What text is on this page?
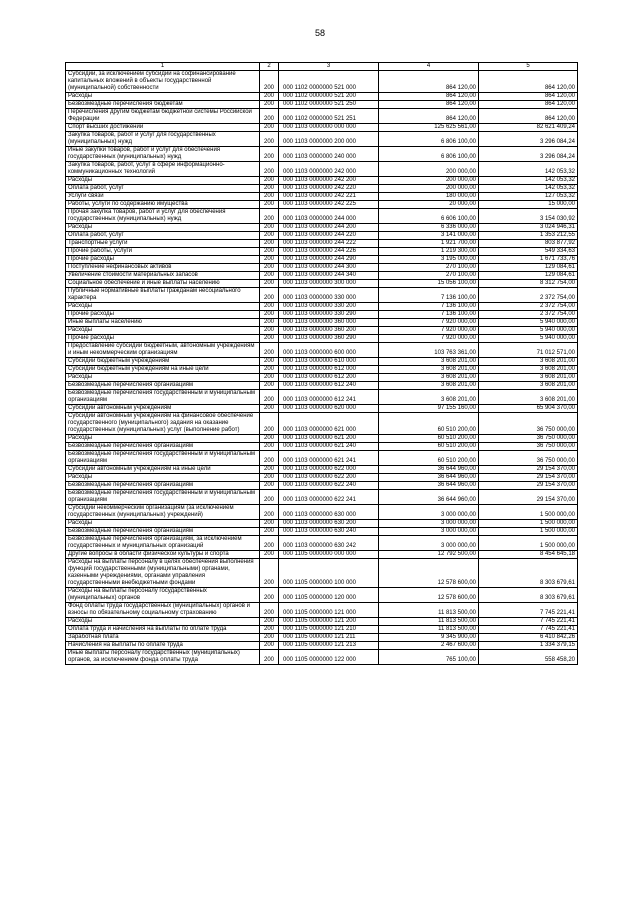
58
1	2	3	4	5
Субсидии, за исключением субсидий на софинансирование капитальных вложений в объекты государственной (муниципальной) собственности	200	000 1102 0000000 521 000	864 120,00	864 120,00
Расходы	200	000 1102 0000000 521 200	864 120,00	864 120,00
Безвозмездные перечисления бюджетам	200	000 1102 0000000 521 250	864 120,00	864 120,00
Перечисления другим бюджетам бюджетной системы Российской Федерации	200	000 1102 0000000 521 251	864 120,00	864 120,00
Спорт высших достижений	200	000 1103 0000000 000 000	125 625 561,00	82 621 409,24
Закупка товаров, работ и услуг для государственных (муниципальных) нужд	200	000 1103 0000000 200 000	6 806 100,00	3 296 084,24
Иные закупки товаров, работ и услуг для обеспечения государственных (муниципальных) нужд	200	000 1103 0000000 240 000	6 806 100,00	3 296 084,24
Закупка товаров, работ, услуг в сфере информационно-коммуникационных технологий	200	000 1103 0000000 242 000	200 000,00	142 053,32
Расходы	200	000 1103 0000000 242 200	200 000,00	142 053,32
Оплата работ, услуг	200	000 1103 0000000 242 220	200 000,00	142 053,32
Услуги связи	200	000 1103 0000000 242 221	180 000,00	127 053,32
Работы, услуги по содержанию имущества	200	000 1103 0000000 242 225	20 000,00	15 000,00
Прочая закупка товаров, работ и услуг для обеспечения государственных (муниципальных) нужд	200	000 1103 0000000 244 000	6 606 100,00	3 154 030,92
Расходы	200	000 1103 0000000 244 200	6 336 000,00	3 024 946,31
Оплата работ, услуг	200	000 1103 0000000 244 220	3 141 000,00	1 353 212,55
Транспортные услуги	200	000 1103 0000000 244 222	1 921 700,00	803 877,92
Прочие работы, услуги	200	000 1103 0000000 244 226	1 219 300,00	549 334,63
Прочие расходы	200	000 1103 0000000 244 290	3 195 000,00	1 671 733,76
Поступление нефинансовых активов	200	000 1103 0000000 244 300	270 100,00	129 084,61
Увеличение стоимости материальных запасов	200	000 1103 0000000 244 340	270 100,00	129 084,61
Социальное обеспечение и иные выплаты населению	200	000 1103 0000000 300 000	15 056 100,00	8 312 754,00
Публичные нормативные выплаты гражданам несоциального характера	200	000 1103 0000000 330 000	7 136 100,00	2 372 754,00
Расходы	200	000 1103 0000000 330 200	7 136 100,00	2 372 754,00
Прочие расходы	200	000 1103 0000000 330 290	7 136 100,00	2 372 754,00
Иные выплаты населению	200	000 1103 0000000 360 000	7 920 000,00	5 940 000,00
Расходы	200	000 1103 0000000 360 200	7 920 000,00	5 940 000,00
Прочие расходы	200	000 1103 0000000 360 290	7 920 000,00	5 940 000,00
Предоставление субсидий бюджетным, автономным учреждениям и иным некоммерческим организациям	200	000 1103 0000000 600 000	103 763 361,00	71 012 571,00
Субсидии бюджетным учреждениям	200	000 1103 0000000 610 000	3 608 201,00	3 608 201,00
Субсидии бюджетным учреждениям на иные цели	200	000 1103 0000000 612 000	3 608 201,00	3 608 201,00
Расходы	200	000 1103 0000000 612 200	3 608 201,00	3 608 201,00
Безвозмездные перечисления организациям	200	000 1103 0000000 612 240	3 608 201,00	3 608 201,00
Безвозмездные перечисления государственным и муниципальным организациям	200	000 1103 0000000 612 241	3 608 201,00	3 608 201,00
Субсидии автономным учреждениям	200	000 1103 0000000 620 000	97 155 160,00	65 904 370,00
Субсидии автономным учреждениям на финансовое обеспечение государственного (муниципального) задания на оказание государственных (муниципальных) услуг (выполнение работ)	200	000 1103 0000000 621 000	60 510 200,00	36 750 000,00
Расходы	200	000 1103 0000000 621 200	60 510 200,00	36 750 000,00
Безвозмездные перечисления организациям	200	000 1103 0000000 621 240	60 510 200,00	36 750 000,00
Безвозмездные перечисления государственным и муниципальным организациям	200	000 1103 0000000 621 241	60 510 200,00	36 750 000,00
Субсидии автономным учреждениям на иные цели	200	000 1103 0000000 622 000	36 644 960,00	29 154 370,00
Расходы	200	000 1103 0000000 622 200	36 644 960,00	29 154 370,00
Безвозмездные перечисления организациям	200	000 1103 0000000 622 240	36 644 960,00	29 154 370,00
Безвозмездные перечисления государственным и муниципальным организациям	200	000 1103 0000000 622 241	36 644 960,00	29 154 370,00
Субсидии некоммерческим организациям (за исключением государственных (муниципальных) учреждений)	200	000 1103 0000000 630 000	3 000 000,00	1 500 000,00
Расходы	200	000 1103 0000000 630 200	3 000 000,00	1 500 000,00
Безвозмездные перечисления организациям	200	000 1103 0000000 630 240	3 000 000,00	1 500 000,00
Безвозмездные перечисления организациям, за исключением государственных и муниципальных организаций	200	000 1103 0000000 630 242	3 000 000,00	1 500 000,00
Другие вопросы в области физической культуры и спорта	200	000 1105 0000000 000 000	12 792 500,00	8 454 645,18
Расходы на выплаты персоналу в целях обеспечения выполнения функций государственными (муниципальными) органами, казенными учреждениями, органами управления государственными внебюджетными фондами	200	000 1105 0000000 100 000	12 578 600,00	8 303 679,61
Расходы на выплаты персоналу государственных (муниципальных) органов	200	000 1105 0000000 120 000	12 578 600,00	8 303 679,61
Фонд оплаты труда государственных (муниципальных) органов и взносы по обязательному социальному страхованию	200	000 1105 0000000 121 000	11 813 500,00	7 745 221,41
Расходы	200	000 1105 0000000 121 200	11 813 500,00	7 745 221,41
Оплата труда и начисления на выплаты по оплате труда	200	000 1105 0000000 121 210	11 813 500,00	7 745 221,41
Заработная плата	200	000 1105 0000000 121 211	9 345 900,00	6 410 842,26
Начисления на выплаты по оплате труда	200	000 1105 0000000 121 213	2 467 600,00	1 334 379,15
Иные выплаты персоналу государственных (муниципальных) органов, за исключением фонда оплаты труда	200	000 1105 0000000 122 000	765 100,00	558 458,20
